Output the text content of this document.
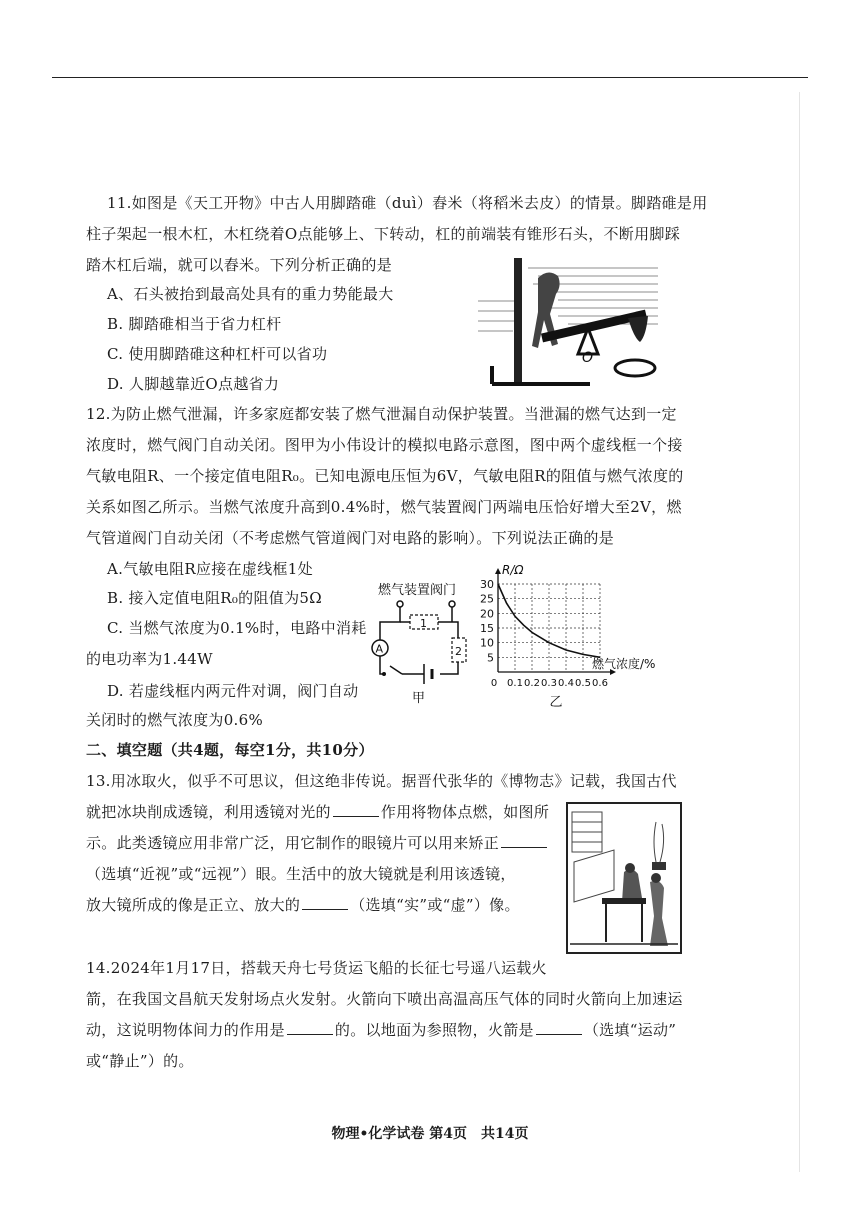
11.如图是《天工开物》中古人用脚踏碓（duì）舂米（将稻米去皮）的情景。脚踏碓是用
柱子架起一根木杠，木杠绕着O点能够上、下转动，杠的前端装有锥形石头，不断用脚踩
踏木杠后端，就可以舂米。下列分析正确的是
A、石头被抬到最高处具有的重力势能最大
B. 脚踏碓相当于省力杠杆
C. 使用脚踏碓这种杠杆可以省功
D. 人脚越靠近O点越省力
O
12.为防止燃气泄漏，许多家庭都安装了燃气泄漏自动保护装置。当泄漏的燃气达到一定
浓度时，燃气阀门自动关闭。图甲为小伟设计的模拟电路示意图，图中两个虚线框一个接
气敏电阻R、一个接定值电阻R₀。已知电源电压恒为6V，气敏电阻R的阻值与燃气浓度的
关系如图乙所示。当燃气浓度升高到0.4%时，燃气装置阀门两端电压恰好增大至2V，燃
气管道阀门自动关闭（不考虑燃气管道阀门对电路的影响）。下列说法正确的是
A.气敏电阻R应接在虚线框1处
B. 接入定值电阻R₀的阻值为5Ω
C. 当燃气浓度为0.1%时，电路中消耗
的电功率为1.44W
D. 若虚线框内两元件对调，阀门自动
关闭时的燃气浓度为0.6%
燃气装置阀门
1
2
A
甲
5
10
15
20
25
30
0 0.1 0.2 0.3 0.4 0.5 0.6
R/Ω
燃气浓度/%
乙
二、填空题（共4题，每空1分，共10分）
13.用冰取火，似乎不可思议，但这绝非传说。据晋代张华的《博物志》记载，我国古代
就把冰块削成透镜，利用透镜对光的	作用将物体点燃，如图所
示。此类透镜应用非常广泛，用它制作的眼镜片可以用来矫正
（选填“近视”或“远视”）眼。生活中的放大镜就是利用该透镜，
放大镜所成的像是正立、放大的	（选填“实”或“虚”）像。
14.2024年1月17日，搭载天舟七号货运飞船的长征七号遥八运载火
箭，在我国文昌航天发射场点火发射。火箭向下喷出高温高压气体的同时火箭向上加速运
动，这说明物体间力的作用是	的。以地面为参照物，火箭是	（选填“运动”
或“静止”）的。
物理•化学试卷 第4页　共14页
